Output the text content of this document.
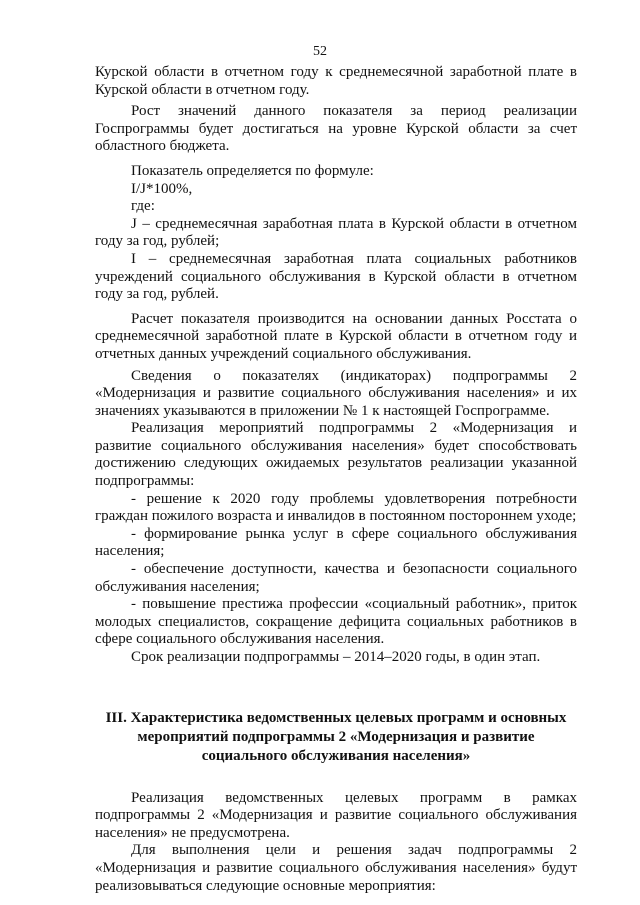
52

Курской области в отчетном году к среднемесячной заработной плате в Курской области в отчетном году.

Рост значений данного показателя за период реализации Госпрограммы будет достигаться на уровне Курской области за счет областного бюджета.

Показатель определяется по формуле:

I/J*100%,

где:

J – среднемесячная заработная плата в Курской области в отчетном году за год, рублей;

I – среднемесячная заработная плата социальных работников учреждений социального обслуживания в Курской области в отчетном году за год, рублей.

Расчет показателя производится на основании данных Росстата о среднемесячной заработной плате в Курской области в отчетном году и отчетных данных учреждений социального обслуживания.

Сведения о показателях (индикаторах) подпрограммы 2 «Модернизация и развитие социального обслуживания населения» и их значениях указываются в приложении № 1 к настоящей Госпрограмме.

Реализация мероприятий подпрограммы 2 «Модернизация и развитие социального обслуживания населения» будет способствовать достижению следующих ожидаемых результатов реализации указанной подпрограммы:

- решение к 2020 году проблемы удовлетворения потребности граждан пожилого возраста и инвалидов в постоянном постороннем уходе;

- формирование рынка услуг в сфере социального обслуживания населения;

- обеспечение доступности, качества и безопасности социального обслуживания населения;

- повышение престижа профессии «социальный работник», приток молодых специалистов, сокращение дефицита социальных работников в сфере социального обслуживания населения.

Срок реализации подпрограммы – 2014–2020 годы, в один этап.

III. Характеристика ведомственных целевых программ и основных мероприятий подпрограммы 2 «Модернизация и развитие социального обслуживания населения»

Реализация ведомственных целевых программ в рамках подпрограммы 2 «Модернизация и развитие социального обслуживания населения» не предусмотрена.

Для выполнения цели и решения задач подпрограммы 2 «Модернизация и развитие социального обслуживания населения» будут реализовываться следующие основные мероприятия:
